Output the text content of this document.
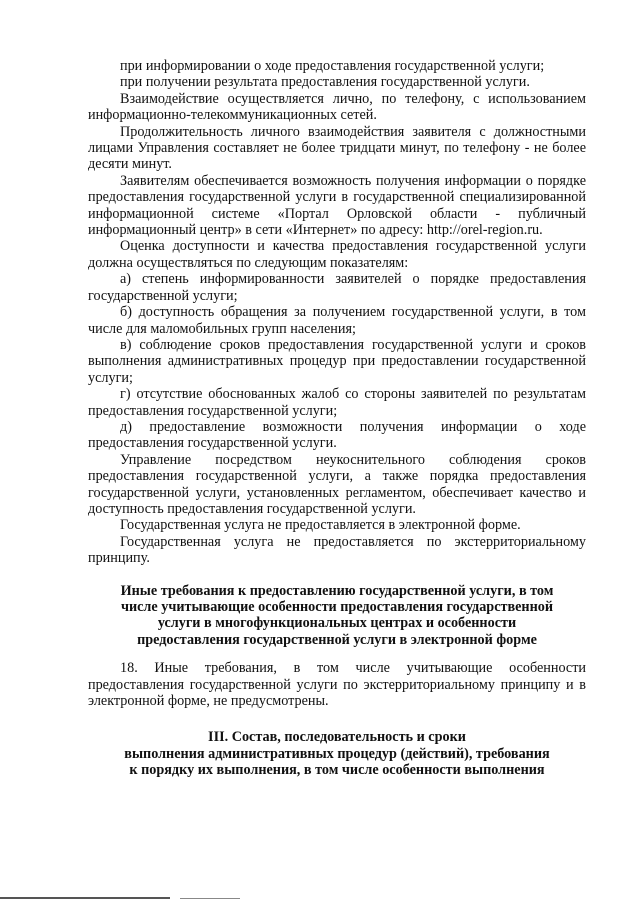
при информировании о ходе предоставления государственной услуги;

при получении результата предоставления государственной услуги.

Взаимодействие осуществляется лично, по телефону, с использованием информационно-телекоммуникационных сетей.

Продолжительность личного взаимодействия заявителя с должностными лицами Управления составляет не более тридцати минут, по телефону - не более десяти минут.

Заявителям обеспечивается возможность получения информации о порядке предоставления государственной услуги в государственной специализированной информационной системе «Портал Орловской области - публичный информационный центр» в сети «Интернет» по адресу: http://orel-region.ru.

Оценка доступности и качества предоставления государственной услуги должна осуществляться по следующим показателям:

а) степень информированности заявителей о порядке предоставления государственной услуги;

б) доступность обращения за получением государственной услуги, в том числе для маломобильных групп населения;

в) соблюдение сроков предоставления государственной услуги и сроков выполнения административных процедур при предоставлении государственной услуги;

г) отсутствие обоснованных жалоб со стороны заявителей по результатам предоставления государственной услуги;

д) предоставление возможности получения информации о ходе предоставления государственной услуги.

Управление посредством неукоснительного соблюдения сроков предоставления государственной услуги, а также порядка предоставления государственной услуги, установленных регламентом, обеспечивает качество и доступность предоставления государственной услуги.

Государственная услуга не предоставляется в электронной форме.

Государственная услуга не предоставляется по экстерриториальному принципу.

Иные требования к предоставлению государственной услуги, в том
числе учитывающие особенности предоставления государственной
услуги в многофункциональных центрах и особенности
предоставления государственной услуги в электронной форме

18. Иные требования, в том числе учитывающие особенности предоставления государственной услуги по экстерриториальному принципу и в электронной форме, не предусмотрены.

III. Состав, последовательность и сроки
выполнения административных процедур (действий), требования
к порядку их выполнения, в том числе особенности выполнения
